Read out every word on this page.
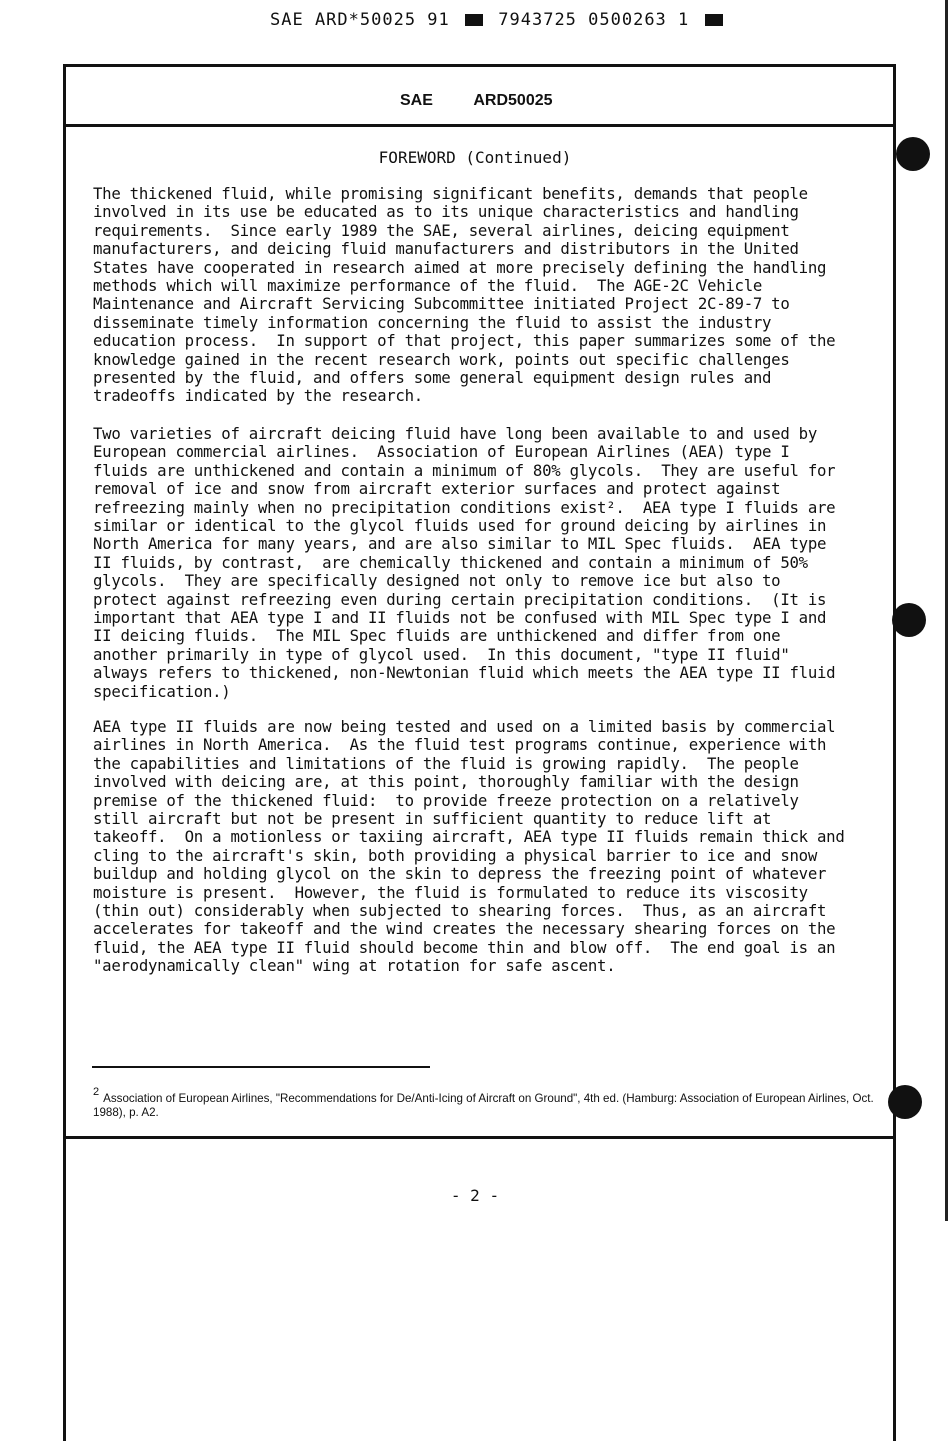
SAE ARD*50025 91	7943725 0500263 1
SAE	ARD50025
FOREWORD (Continued)
The thickened fluid, while promising significant benefits, demands that people
involved in its use be educated as to its unique characteristics and handling
requirements.  Since early 1989 the SAE, several airlines, deicing equipment
manufacturers, and deicing fluid manufacturers and distributors in the United
States have cooperated in research aimed at more precisely defining the handling
methods which will maximize performance of the fluid.  The AGE-2C Vehicle
Maintenance and Aircraft Servicing Subcommittee initiated Project 2C-89-7 to
disseminate timely information concerning the fluid to assist the industry
education process.  In support of that project, this paper summarizes some of the
knowledge gained in the recent research work, points out specific challenges
presented by the fluid, and offers some general equipment design rules and
tradeoffs indicated by the research.
Two varieties of aircraft deicing fluid have long been available to and used by
European commercial airlines.  Association of European Airlines (AEA) type I
fluids are unthickened and contain a minimum of 80% glycols.  They are useful for
removal of ice and snow from aircraft exterior surfaces and protect against
refreezing mainly when no precipitation conditions exist².  AEA type I fluids are
similar or identical to the glycol fluids used for ground deicing by airlines in
North America for many years, and are also similar to MIL Spec fluids.  AEA type
II fluids, by contrast,  are chemically thickened and contain a minimum of 50%
glycols.  They are specifically designed not only to remove ice but also to
protect against refreezing even during certain precipitation conditions.  (It is
important that AEA type I and II fluids not be confused with MIL Spec type I and
II deicing fluids.  The MIL Spec fluids are unthickened and differ from one
another primarily in type of glycol used.  In this document, "type II fluid"
always refers to thickened, non-Newtonian fluid which meets the AEA type II fluid
specification.)
AEA type II fluids are now being tested and used on a limited basis by commercial
airlines in North America.  As the fluid test programs continue, experience with
the capabilities and limitations of the fluid is growing rapidly.  The people
involved with deicing are, at this point, thoroughly familiar with the design
premise of the thickened fluid:  to provide freeze protection on a relatively
still aircraft but not be present in sufficient quantity to reduce lift at
takeoff.  On a motionless or taxiing aircraft, AEA type II fluids remain thick and
cling to the aircraft's skin, both providing a physical barrier to ice and snow
buildup and holding glycol on the skin to depress the freezing point of whatever
moisture is present.  However, the fluid is formulated to reduce its viscosity
(thin out) considerably when subjected to shearing forces.  Thus, as an aircraft
accelerates for takeoff and the wind creates the necessary shearing forces on the
fluid, the AEA type II fluid should become thin and blow off.  The end goal is an
"aerodynamically clean" wing at rotation for safe ascent.

$^2$ Association of European Airlines, "Recommendations for De/Anti-Icing of Aircraft on Ground", 4th ed. (Hamburg: Association of European Airlines, Oct. 1988), p. A2.

- 2 -
